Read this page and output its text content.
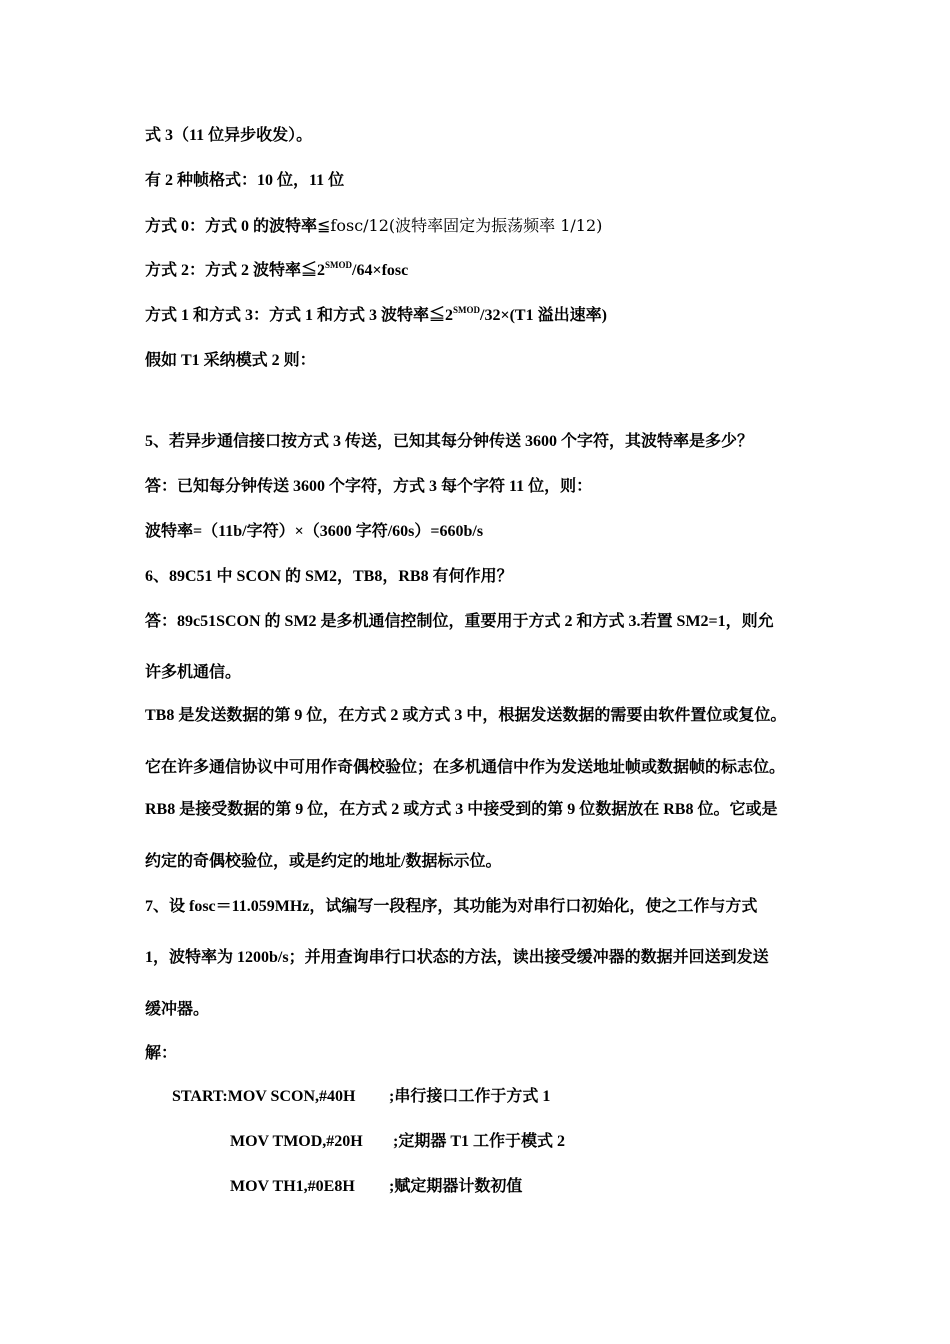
式 3（11 位异步收发）。
有 2 种帧格式：10 位，11 位
方式 0：方式 0 的波特率≦fosc/12(波特率固定为振荡频率 1/12)
方式 2：方式 2 波特率$≦2^{SMOD}/64\times fosc$
方式 1 和方式 3：方式 1 和方式 3 波特率$≦2^{SMOD}/32\times(T1$ 溢出速率)
假如 T1 采纳模式 2 则：
5、若异步通信接口按方式 3 传送，已知其每分钟传送 3600 个字符，其波特率是多少？
答：已知每分钟传送 3600 个字符，方式 3 每个字符 11 位，则：
波特率=（11b/字符）×（3600 字符/60s）=660b/s
6、89C51 中 SCON 的 SM2，TB8，RB8 有何作用？
答：89c51SCON 的 SM2 是多机通信控制位，重要用于方式 2 和方式 3.若置 SM2=1，则允
许多机通信。
TB8 是发送数据的第 9 位，在方式 2 或方式 3 中，根据发送数据的需要由软件置位或复位。
它在许多通信协议中可用作奇偶校验位；在多机通信中作为发送地址帧或数据帧的标志位。
RB8 是接受数据的第 9 位，在方式 2 或方式 3 中接受到的第 9 位数据放在 RB8 位。它或是
约定的奇偶校验位，或是约定的地址/数据标示位。
7、设 fosc＝11.059MHz，试编写一段程序，其功能为对串行口初始化，使之工作与方式
1，波特率为 1200b/s；并用查询串行口状态的方法，读出接受缓冲器的数据并回送到发送
缓冲器。
解：
START:MOV SCON,#40H ;串行接口工作于方式 1
MOV TMOD,#20H ;定期器 T1 工作于模式 2
MOV TH1,#0E8H ;赋定期器计数初值
